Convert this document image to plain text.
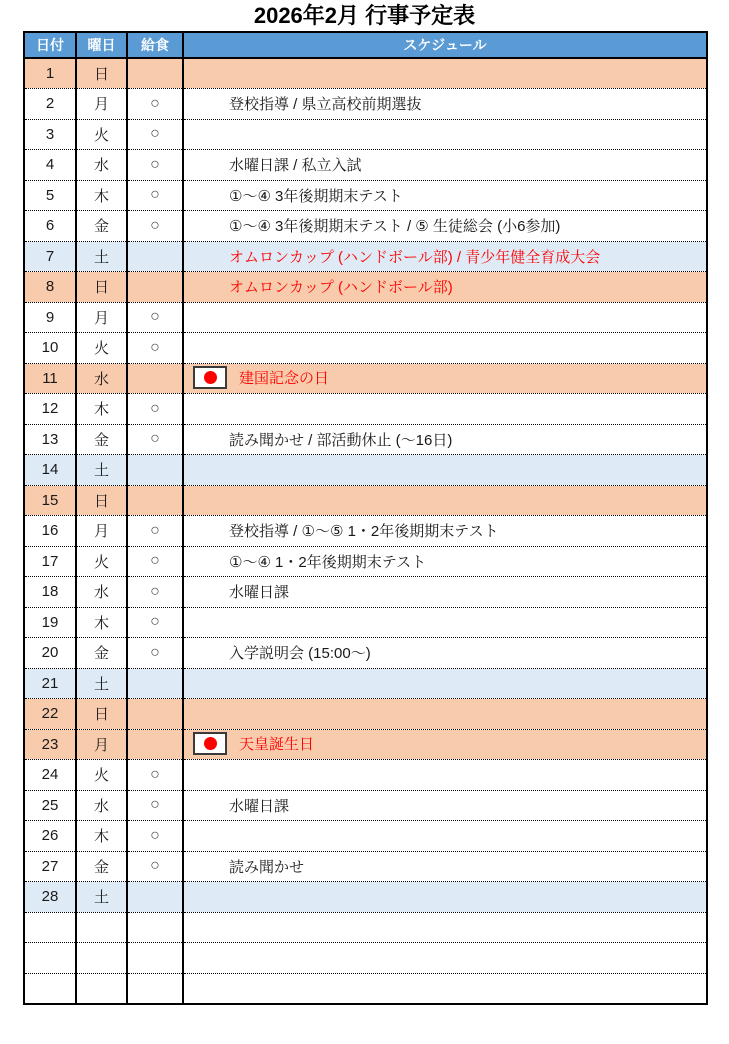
2026年2月 行事予定表
日付	曜日	給食	スケジュール
1	日		
2	月	○	登校指導 / 県立高校前期選抜
3	火	○	
4	水	○	水曜日課 / 私立入試
5	木	○	①～④ 3年後期期末テスト
6	金	○	①～④ 3年後期期末テスト / ⑤ 生徒総会 (小6参加)
7	土		オムロンカップ (ハンドボール部) / 青少年健全育成大会
8	日		オムロンカップ (ハンドボール部)
9	月	○	
10	火	○	
11	水		建国記念の日
12	木	○	
13	金	○	読み聞かせ / 部活動休止 (～16日)
14	土		
15	日		
16	月	○	登校指導 / ①～⑤ 1・2年後期期末テスト
17	火	○	①～④ 1・2年後期期末テスト
18	水	○	水曜日課
19	木	○	
20	金	○	入学説明会 (15:00～)
21	土		
22	日		
23	月		天皇誕生日
24	火	○	
25	水	○	水曜日課
26	木	○	
27	金	○	読み聞かせ
28	土		
